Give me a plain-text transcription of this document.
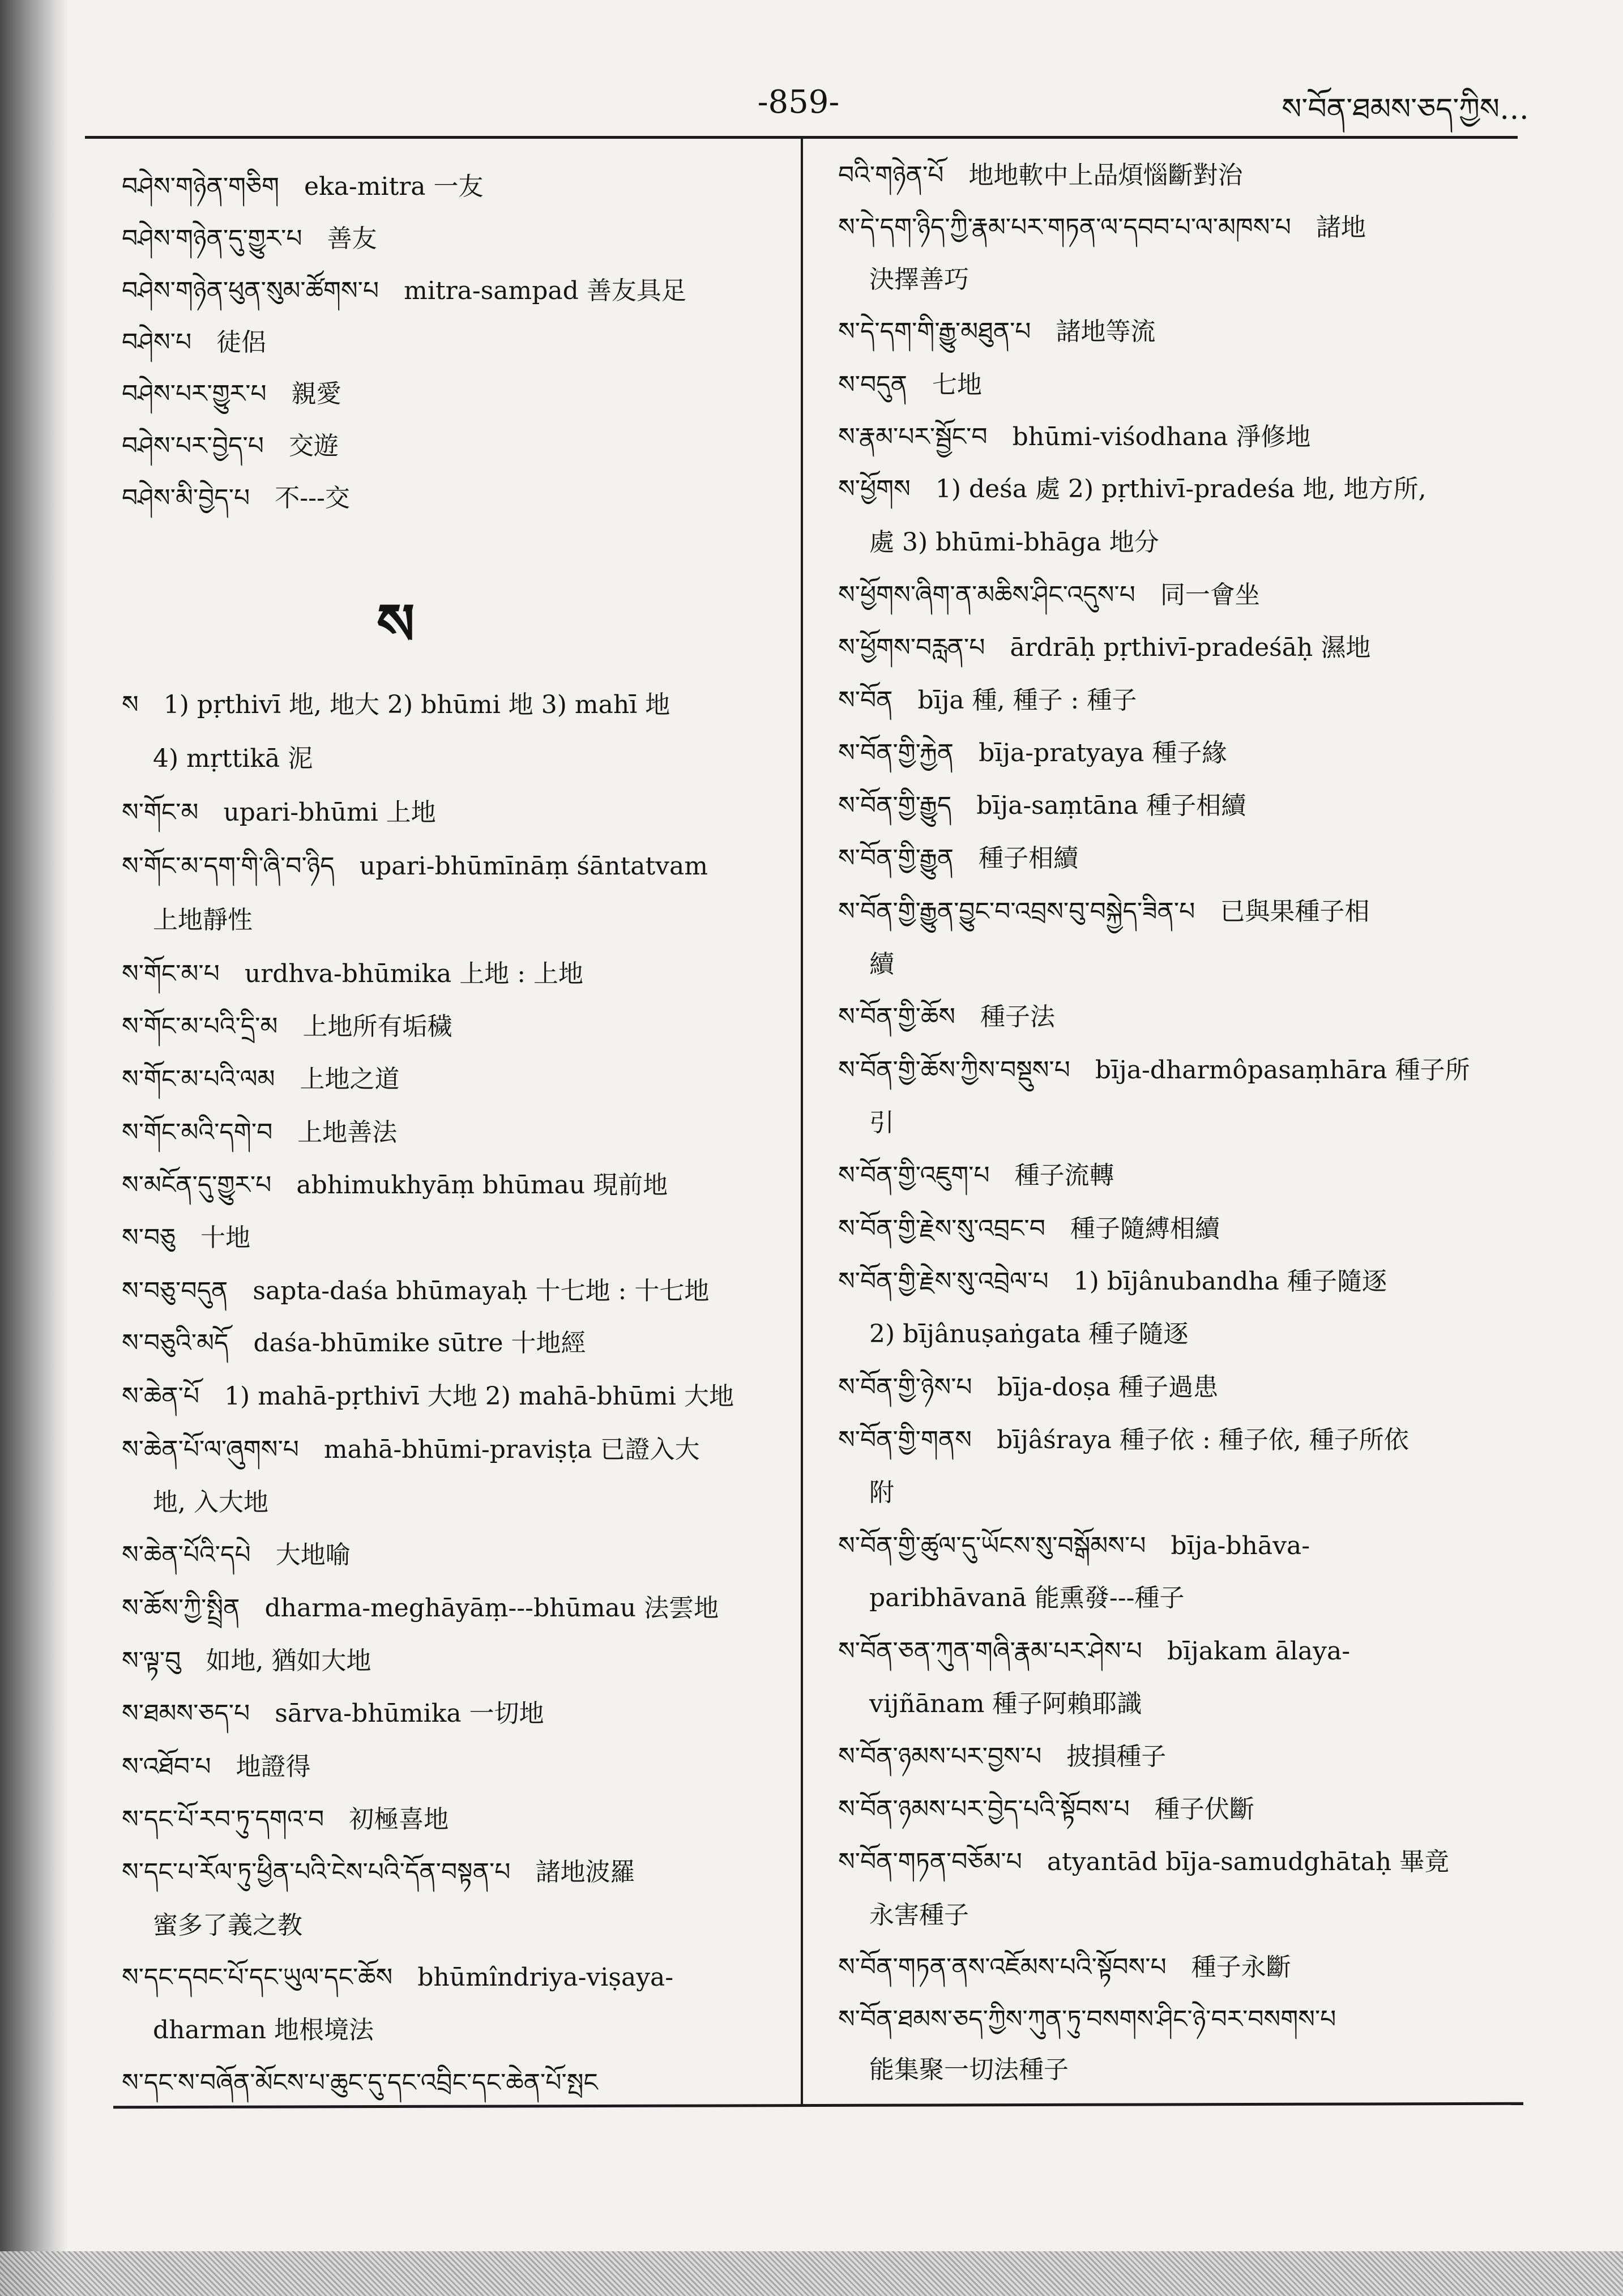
-859-	ས་བོན་ཐམས་ཅད་ཀྱིས…
ས
བཤེས་གཉེན་གཅིག  eka-mitra 一友
བཤེས་གཉེན་དུ་གྱུར་པ  善友
བཤེས་གཉེན་ཕུན་སུམ་ཚོགས་པ  mitra-sampad 善友具足
བཤེས་པ  徒侶
བཤེས་པར་གྱུར་པ  親愛
བཤེས་པར་བྱེད་པ  交遊
བཤེས་མི་བྱེད་པ  不---交
ས  1) pṛthivī 地, 地大 2) bhūmi 地 3) mahī 地
4) mṛttikā 泥
ས་གོང་མ  upari-bhūmi 上地
ས་གོང་མ་དག་གི་ཞི་བ་ཉིད  upari-bhūmīnāṃ śāntatvam
上地靜性
ས་གོང་མ་པ  urdhva-bhūmika 上地 : 上地
ས་གོང་མ་པའི་དྲི་མ  上地所有垢穢
ས་གོང་མ་པའི་ལམ  上地之道
ས་གོང་མའི་དགེ་བ  上地善法
ས་མངོན་དུ་གྱུར་པ  abhimukhyāṃ bhūmau 現前地
ས་བཅུ  十地
ས་བཅུ་བདུན  sapta-daśa bhūmayaḥ 十七地 : 十七地
ས་བཅུའི་མདོ  daśa-bhūmike sūtre 十地經
ས་ཆེན་པོ  1) mahā-pṛthivī 大地 2) mahā-bhūmi 大地
ས་ཆེན་པོ་ལ་ཞུགས་པ  mahā-bhūmi-praviṣṭa 已證入大
地, 入大地
ས་ཆེན་པོའི་དཔེ  大地喻
ས་ཆོས་ཀྱི་སྤྲིན  dharma-meghāyāṃ---bhūmau 法雲地
ས་ལྟ་བུ  如地, 猶如大地
ས་ཐམས་ཅད་པ  sārva-bhūmika 一切地
ས་འཐོབ་པ  地證得
ས་དང་པོ་རབ་ཏུ་དགའ་བ  初極喜地
ས་དང་པ་རོལ་ཏུ་ཕྱིན་པའི་ངེས་པའི་དོན་བསྟན་པ  諸地波羅
蜜多了義之教
ས་དང་དབང་པོ་དང་ཡུལ་དང་ཆོས  bhūmîndriya-viṣaya-
dharman 地根境法
ས་དང་ས་བཞོན་མོངས་པ་ཆུང་དུ་དང་འབྲིང་དང་ཆེན་པོ་སྤང 
བའི་གཉེན་པོ  地地軟中上品煩惱斷對治
ས་དེ་དག་ཉིད་ཀྱི་རྣམ་པར་གཏན་ལ་དབབ་པ་ལ་མཁས་པ  諸地
決擇善巧
ས་དེ་དག་གི་རྒྱུ་མཐུན་པ  諸地等流
ས་བདུན  七地
ས་རྣམ་པར་སྦྱོང་བ  bhūmi-viśodhana 淨修地
ས་ཕྱོགས  1) deśa 處 2) pṛthivī-pradeśa 地, 地方所,
處 3) bhūmi-bhāga 地分
ས་ཕྱོགས་ཞིག་ན་མཆིས་ཤིང་འདུས་པ  同一會坐
ས་ཕྱོགས་བརླན་པ  ārdrāḥ pṛthivī-pradeśāḥ 濕地
ས་བོན  bīja 種, 種子 : 種子
ས་བོན་གྱི་རྐྱེན  bīja-pratyaya 種子緣
ས་བོན་གྱི་རྒྱུད  bīja-saṃtāna 種子相續
ས་བོན་གྱི་རྒྱུན  種子相續
ས་བོན་གྱི་རྒྱུན་བྱུང་བ་འབྲས་བུ་བསྐྱེད་ཟིན་པ  已與果種子相
續
ས་བོན་གྱི་ཆོས  種子法
ས་བོན་གྱི་ཆོས་ཀྱིས་བསྡུས་པ  bīja-dharmôpasaṃhāra 種子所
引
ས་བོན་གྱི་འཇུག་པ  種子流轉
ས་བོན་གྱི་རྗེས་སུ་འབྲང་བ  種子隨縛相續
ས་བོན་གྱི་རྗེས་སུ་འབྲེལ་པ  1) bījânubandha 種子隨逐
2) bījânuṣaṅgata 種子隨逐
ས་བོན་གྱི་ཉེས་པ  bīja-doṣa 種子過患
ས་བོན་གྱི་གནས  bījâśraya 種子依 : 種子依, 種子所依
附
ས་བོན་གྱི་ཚུལ་དུ་ཡོངས་སུ་བསྒོམས་པ  bīja-bhāva-
paribhāvanā 能熏發---種子
ས་བོན་ཅན་ཀུན་གཞི་རྣམ་པར་ཤེས་པ  bījakam ālaya-
vijñānam 種子阿賴耶識
ས་བོན་ཉམས་པར་བྱས་པ  披損種子
ས་བོན་ཉམས་པར་བྱེད་པའི་སྟོབས་པ  種子伏斷
ས་བོན་གཏན་བཅོམ་པ  atyantād bīja-samudghātaḥ 畢竟
永害種子
ས་བོན་གཏན་ནས་འཇོམས་པའི་སྟོབས་པ  種子永斷
ས་བོན་ཐམས་ཅད་ཀྱིས་ཀུན་ཏུ་བསགས་ཤིང་ཉེ་བར་བསགས་པ 
能集聚一切法種子
